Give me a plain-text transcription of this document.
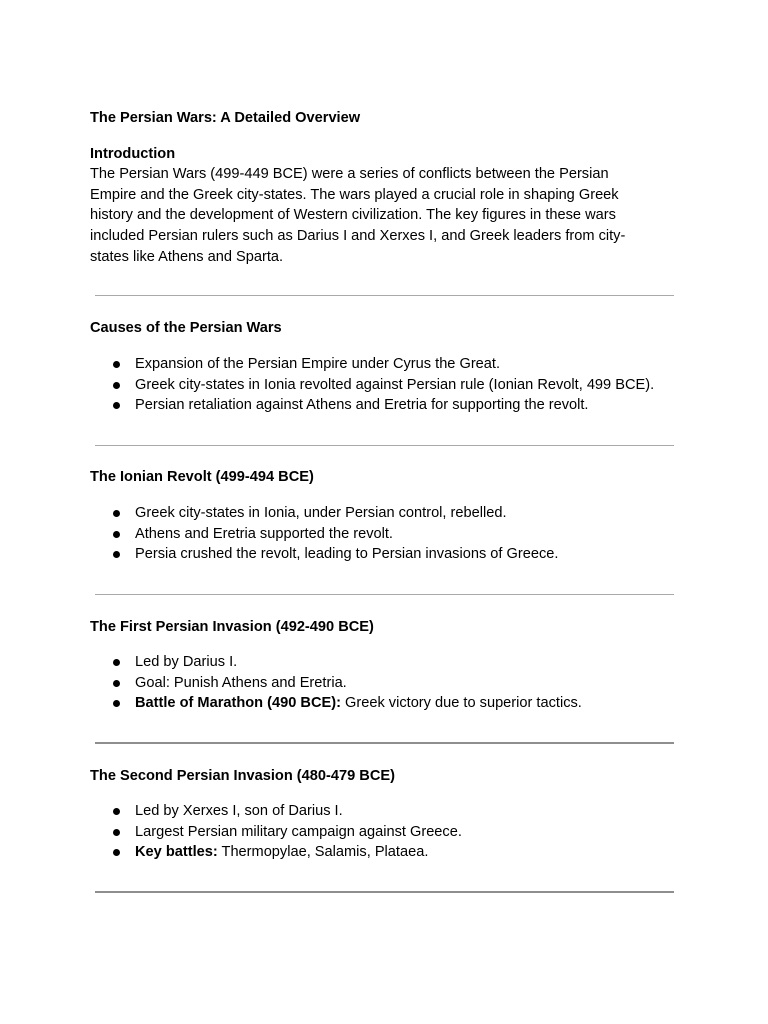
The Persian Wars: A Detailed Overview

Introduction

The Persian Wars (499-449 BCE) were a series of conflicts between the Persian Empire and the Greek city-states. The wars played a crucial role in shaping Greek history and the development of Western civilization. The key figures in these wars included Persian rulers such as Darius I and Xerxes I, and Greek leaders from city-states like Athens and Sparta.

Causes of the Persian Wars

Expansion of the Persian Empire under Cyrus the Great.
Greek city-states in Ionia revolted against Persian rule (Ionian Revolt, 499 BCE).
Persian retaliation against Athens and Eretria for supporting the revolt.

The Ionian Revolt (499-494 BCE)

Greek city-states in Ionia, under Persian control, rebelled.
Athens and Eretria supported the revolt.
Persia crushed the revolt, leading to Persian invasions of Greece.

The First Persian Invasion (492-490 BCE)

Led by Darius I.
Goal: Punish Athens and Eretria.
Battle of Marathon (490 BCE): Greek victory due to superior tactics.

The Second Persian Invasion (480-479 BCE)

Led by Xerxes I, son of Darius I.
Largest Persian military campaign against Greece.
Key battles: Thermopylae, Salamis, Plataea.
